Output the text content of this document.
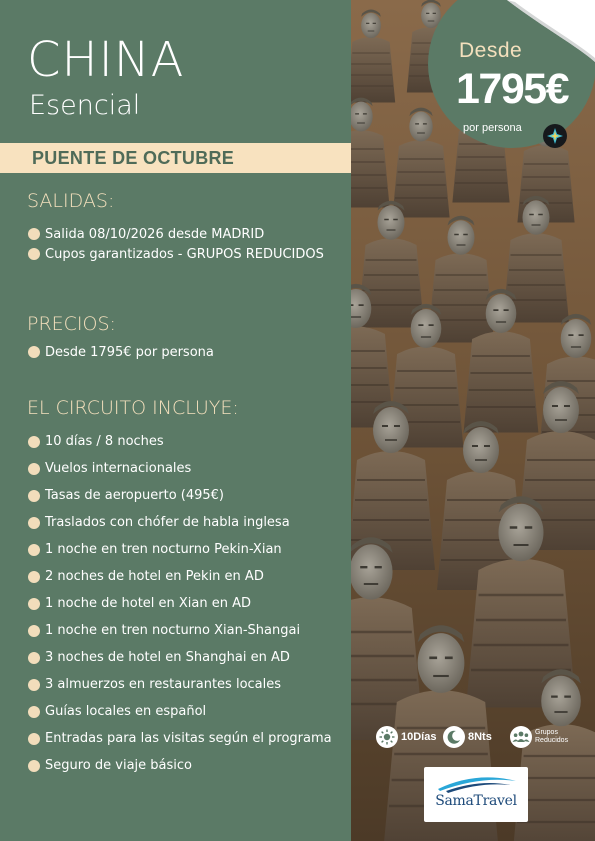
Desde
1795€
por persona
CHINA
Esencial
PUENTE DE OCTUBRE
SALIDAS:
Salida 08/10/2026 desde MADRID
Cupos garantizados - GRUPOS REDUCIDOS
PRECIOS:
Desde 1795€ por persona
EL CIRCUITO INCLUYE:
10 días / 8 noches
Vuelos internacionales
Tasas de aeropuerto (495€)
Traslados con chófer de habla inglesa
1 noche en tren nocturno Pekin-Xian
2 noches de hotel en Pekin en AD
1 noche de hotel en Xian en AD
1 noche en tren nocturno Xian-Shangai
3 noches de hotel en Shanghai en AD
3 almuerzos en restaurantes locales
Guías locales en español
Entradas para las visitas según el programa
Seguro de viaje básico
10Días	8Nts	Grupos
Reducidos
SamaTravel
